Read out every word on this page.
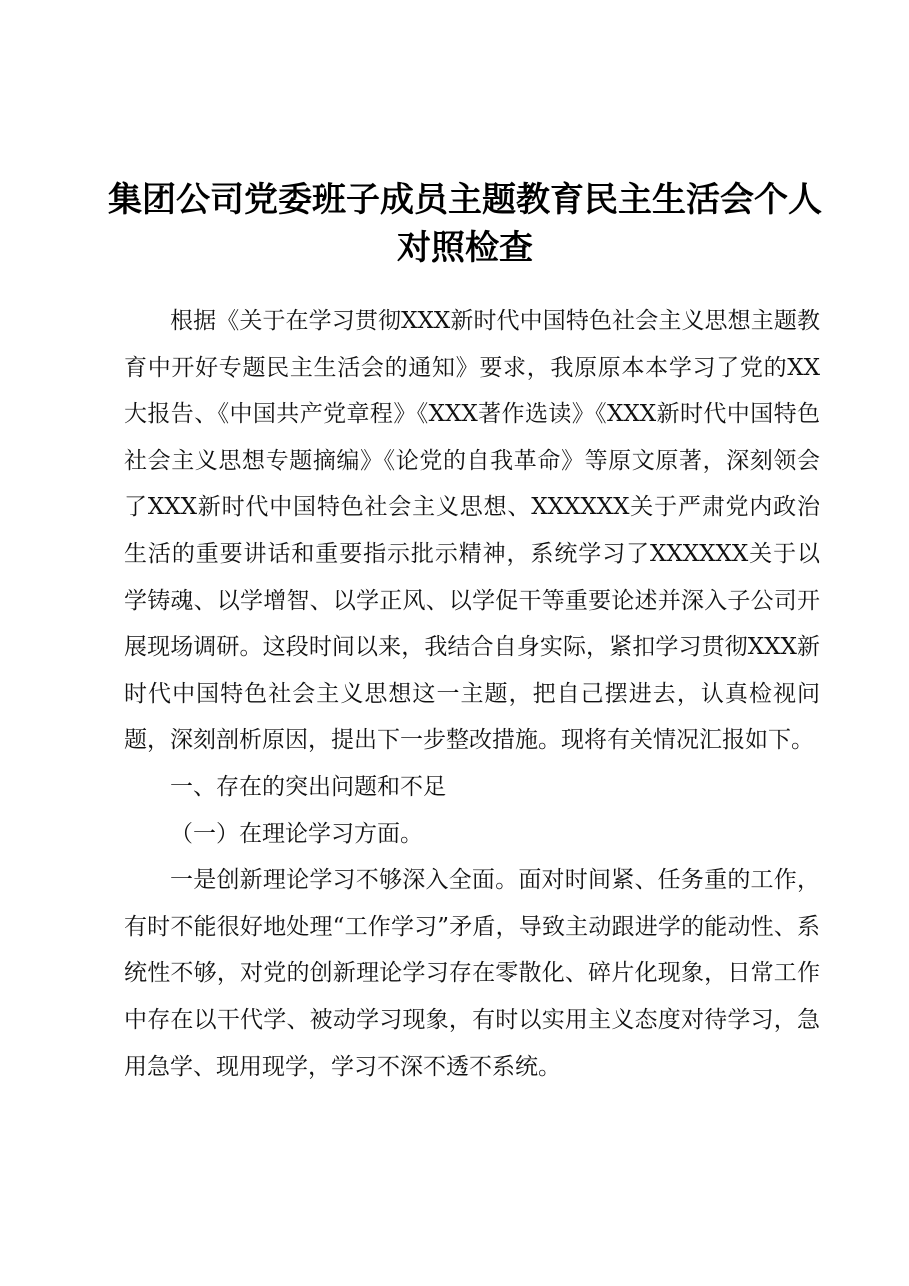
集团公司党委班子成员主题教育民主生活会个人
对照检查

根据《关于在学习贯彻XXX新时代中国特色社会主义思想主题教育中开好专题民主生活会的通知》要求，我原原本本学习了党的XX大报告、《中国共产党章程》《XXX著作选读》《XXX新时代中国特色社会主义思想专题摘编》《论党的自我革命》等原文原著，深刻领会了XXX新时代中国特色社会主义思想、XXXXXX关于严肃党内政治生活的重要讲话和重要指示批示精神，系统学习了XXXXXX关于以学铸魂、以学增智、以学正风、以学促干等重要论述并深入子公司开展现场调研。这段时间以来，我结合自身实际，紧扣学习贯彻XXX新时代中国特色社会主义思想这一主题，把自己摆进去，认真检视问题，深刻剖析原因，提出下一步整改措施。现将有关情况汇报如下。

一、存在的突出问题和不足

（一）在理论学习方面。

一是创新理论学习不够深入全面。面对时间紧、任务重的工作，有时不能很好地处理“工作学习”矛盾，导致主动跟进学的能动性、系统性不够，对党的创新理论学习存在零散化、碎片化现象，日常工作中存在以干代学、被动学习现象，有时以实用主义态度对待学习，急用急学、现用现学，学习不深不透不系统。
